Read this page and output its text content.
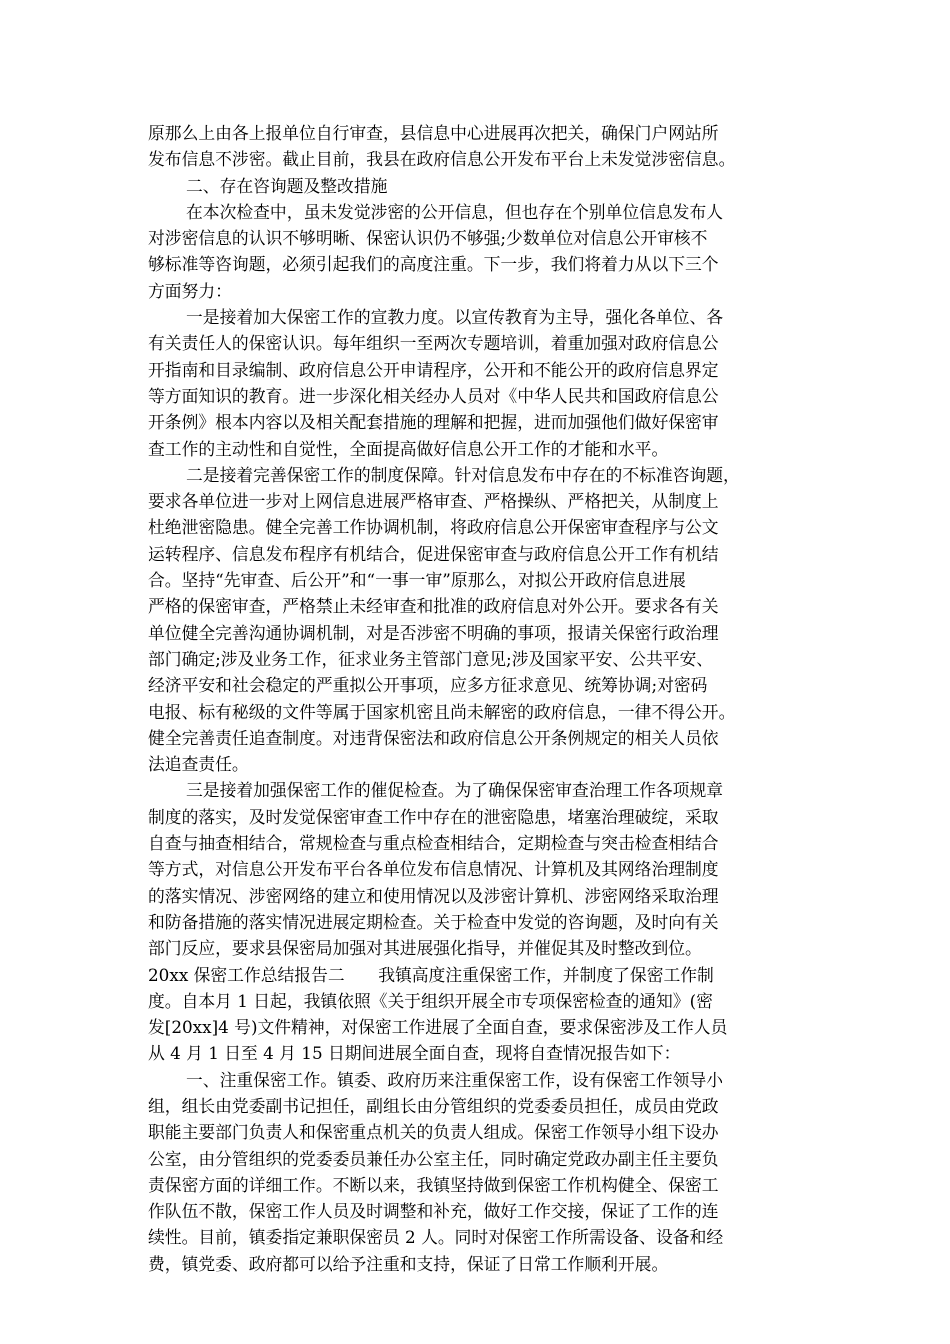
原那么上由各上报单位自行审查，县信息中心进展再次把关，确保门户网站所
发布信息不涉密。截止目前，我县在政府信息公开发布平台上未发觉涉密信息。
二、存在咨询题及整改措施
在本次检查中，虽未发觉涉密的公开信息，但也存在个别单位信息发布人
对涉密信息的认识不够明晰、保密认识仍不够强;少数单位对信息公开审核不
够标准等咨询题，必须引起我们的高度注重。下一步，我们将着力从以下三个
方面努力：
一是接着加大保密工作的宣教力度。以宣传教育为主导，强化各单位、各
有关责任人的保密认识。每年组织一至两次专题培训，着重加强对政府信息公
开指南和目录编制、政府信息公开申请程序，公开和不能公开的政府信息界定
等方面知识的教育。进一步深化相关经办人员对《中华人民共和国政府信息公
开条例》根本内容以及相关配套措施的理解和把握，进而加强他们做好保密审
查工作的主动性和自觉性，全面提高做好信息公开工作的才能和水平。
二是接着完善保密工作的制度保障。针对信息发布中存在的不标准咨询题，
要求各单位进一步对上网信息进展严格审查、严格操纵、严格把关，从制度上
杜绝泄密隐患。健全完善工作协调机制，将政府信息公开保密审查程序与公文
运转程序、信息发布程序有机结合，促进保密审查与政府信息公开工作有机结
合。坚持“先审查、后公开”和“一事一审”原那么，对拟公开政府信息进展
严格的保密审查，严格禁止未经审查和批准的政府信息对外公开。要求各有关
单位健全完善沟通协调机制，对是否涉密不明确的事项，报请关保密行政治理
部门确定;涉及业务工作，征求业务主管部门意见;涉及国家平安、公共平安、
经济平安和社会稳定的严重拟公开事项，应多方征求意见、统筹协调;对密码
电报、标有秘级的文件等属于国家机密且尚未解密的政府信息，一律不得公开。
健全完善责任追查制度。对违背保密法和政府信息公开条例规定的相关人员依
法追查责任。
三是接着加强保密工作的催促检查。为了确保保密审查治理工作各项规章
制度的落实，及时发觉保密审查工作中存在的泄密隐患，堵塞治理破绽，采取
自查与抽查相结合，常规检查与重点检查相结合，定期检查与突击检查相结合
等方式，对信息公开发布平台各单位发布信息情况、计算机及其网络治理制度
的落实情况、涉密网络的建立和使用情况以及涉密计算机、涉密网络采取治理
和防备措施的落实情况进展定期检查。关于检查中发觉的咨询题，及时向有关
部门反应，要求县保密局加强对其进展强化指导，并催促其及时整改到位。
20xx 保密工作总结报告二　　我镇高度注重保密工作，并制度了保密工作制
度。自本月 1 日起，我镇依照《关于组织开展全市专项保密检查的通知》(密
发[20xx]4 号)文件精神，对保密工作进展了全面自查，要求保密涉及工作人员
从 4 月 1 日至 4 月 15 日期间进展全面自查，现将自查情况报告如下：
一、注重保密工作。镇委、政府历来注重保密工作，设有保密工作领导小
组，组长由党委副书记担任，副组长由分管组织的党委委员担任，成员由党政
职能主要部门负责人和保密重点机关的负责人组成。保密工作领导小组下设办
公室，由分管组织的党委委员兼任办公室主任，同时确定党政办副主任主要负
责保密方面的详细工作。不断以来，我镇坚持做到保密工作机构健全、保密工
作队伍不散，保密工作人员及时调整和补充，做好工作交接，保证了工作的连
续性。目前，镇委指定兼职保密员 2 人。同时对保密工作所需设备、设备和经
费，镇党委、政府都可以给予注重和支持，保证了日常工作顺利开展。
